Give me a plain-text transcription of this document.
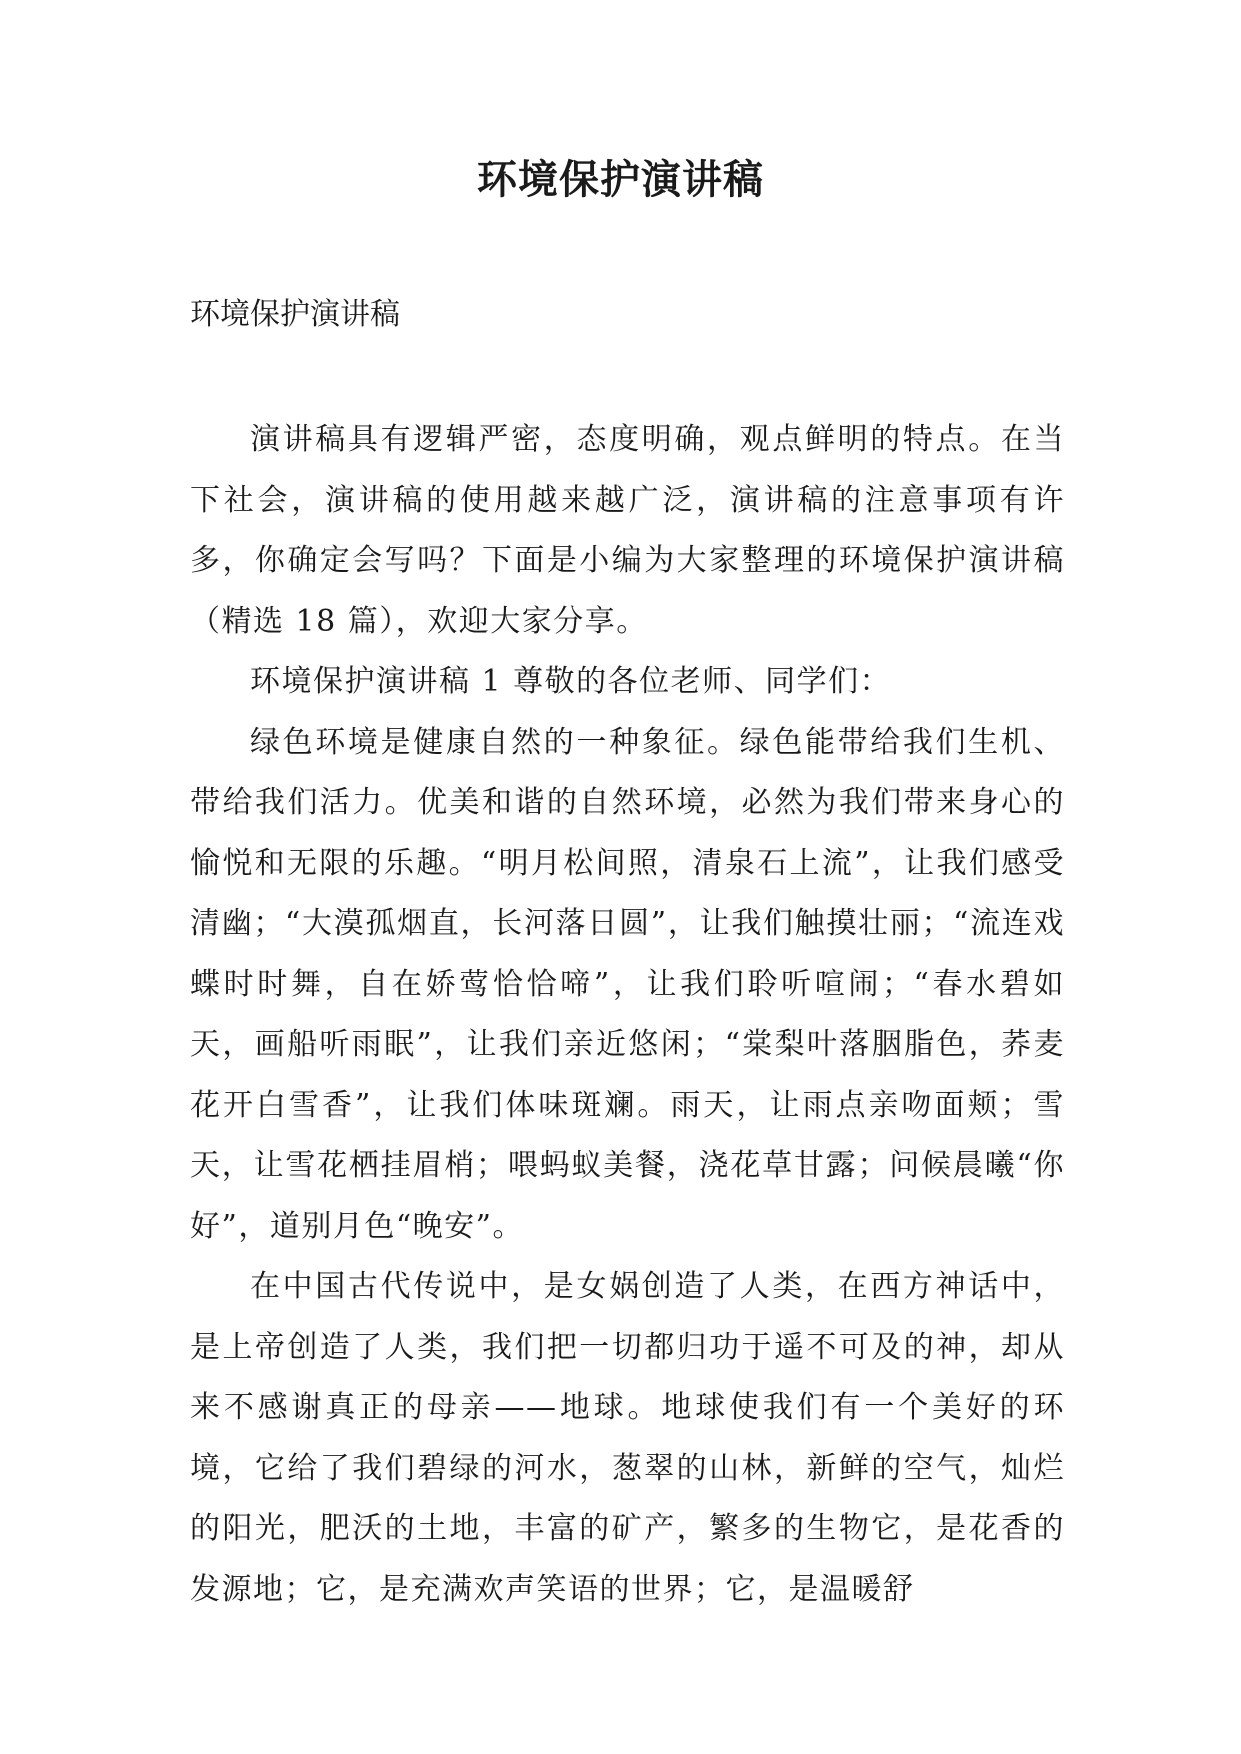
环境保护演讲稿
环境保护演讲稿

演讲稿具有逻辑严密，态度明确，观点鲜明的特点。在当下社会，演讲稿的使用越来越广泛，演讲稿的注意事项有许多，你确定会写吗？下面是小编为大家整理的环境保护演讲稿（精选 18 篇），欢迎大家分享。

环境保护演讲稿 1 尊敬的各位老师、同学们：

绿色环境是健康自然的一种象征。绿色能带给我们生机、带给我们活力。优美和谐的自然环境，必然为我们带来身心的愉悦和无限的乐趣。“明月松间照，清泉石上流”，让我们感受清幽；“大漠孤烟直，长河落日圆”，让我们触摸壮丽；“流连戏蝶时时舞，自在娇莺恰恰啼”，让我们聆听喧闹；“春水碧如天，画船听雨眠”，让我们亲近悠闲；“棠梨叶落胭脂色，荞麦花开白雪香”，让我们体味斑斓。雨天，让雨点亲吻面颊；雪天，让雪花栖挂眉梢；喂蚂蚁美餐，浇花草甘露；问候晨曦“你好”，道别月色“晚安”。

在中国古代传说中，是女娲创造了人类，在西方神话中，是上帝创造了人类，我们把一切都归功于遥不可及的神，却从来不感谢真正的母亲——地球。地球使我们有一个美好的环境，它给了我们碧绿的河水，葱翠的山林，新鲜的空气，灿烂的阳光，肥沃的土地，丰富的矿产，繁多的生物它，是花香的发源地；它，是充满欢声笑语的世界；它，是温暖舒
